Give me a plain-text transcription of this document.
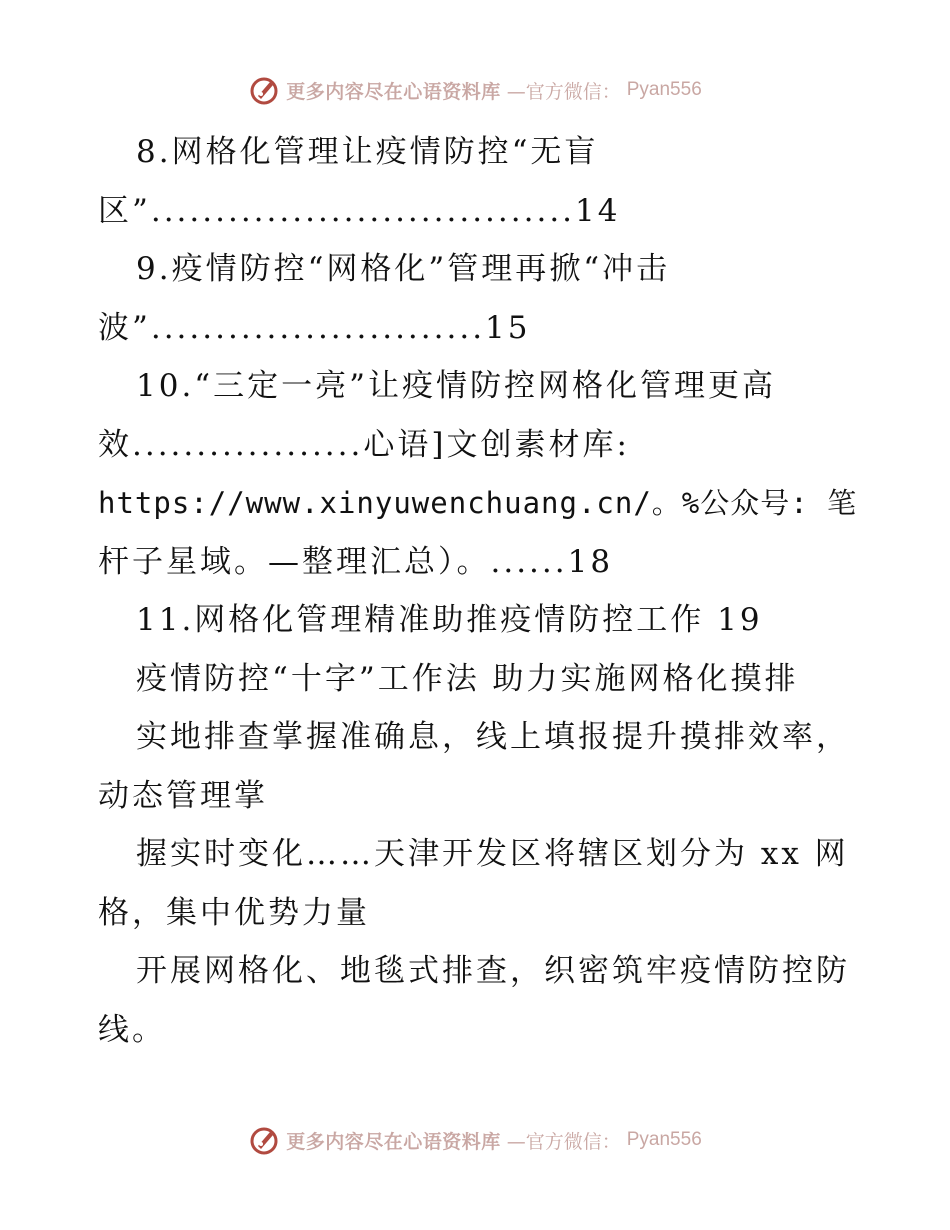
更多内容尽在心语资料库 —官方微信： Pyan556
8.网格化管理让疫情防控“无盲
区”.................................14
9.疫情防控“网格化”管理再掀“冲击
波”..........................15
10.“三定一亮”让疫情防控网格化管理更高
效..................心语]文创素材库:
https://www.xinyuwenchuang.cn/。%公众号: 笔
杆子星域。—整理汇总）。......18
11.网格化管理精准助推疫情防控工作 19
疫情防控“十字”工作法 助力实施网格化摸排
实地排查掌握准确息，线上填报提升摸排效率，
动态管理掌
握实时变化……天津开发区将辖区划分为 xx 网
格，集中优势力量
开展网格化、地毯式排查，织密筑牢疫情防控防
线。
更多内容尽在心语资料库 —官方微信： Pyan556
